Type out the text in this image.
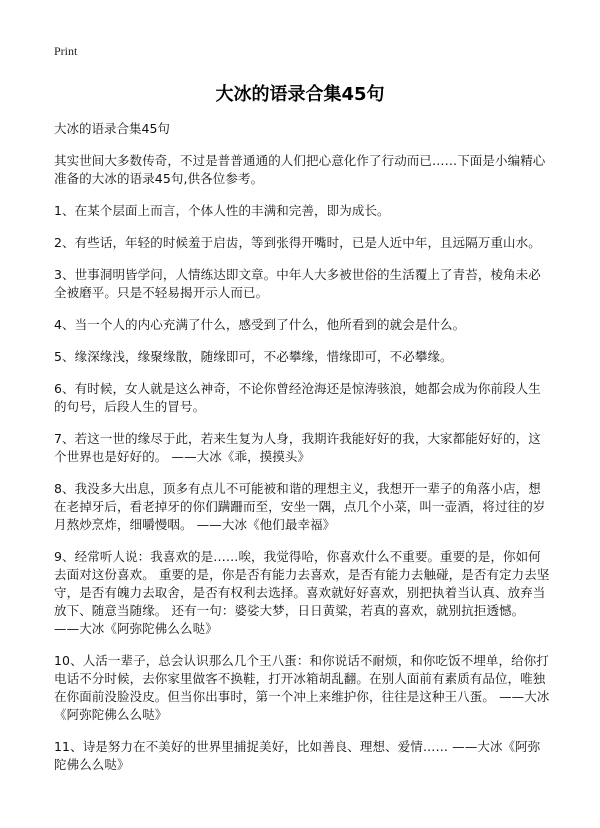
Print
大冰的语录合集45句

大冰的语录合集45句

其实世间大多数传奇，不过是普普通通的人们把心意化作了行动而已……下面是小编精心准备的大冰的语录45句,供各位参考。

1、在某个层面上而言，个体人性的丰满和完善，即为成长。

2、有些话，年轻的时候羞于启齿，等到张得开嘴时，已是人近中年，且远隔万重山水。

3、世事洞明皆学问，人情练达即文章。中年人大多被世俗的生活覆上了青苔，棱角未必全被磨平。只是不轻易揭开示人而已。

4、当一个人的内心充满了什么，感受到了什么，他所看到的就会是什么。

5、缘深缘浅，缘聚缘散，随缘即可，不必攀缘，惜缘即可，不必攀缘。

6、有时候，女人就是这么神奇，不论你曾经沧海还是惊涛骇浪，她都会成为你前段人生的句号，后段人生的冒号。

7、若这一世的缘尽于此，若来生复为人身，我期许我能好好的我，大家都能好好的，这个世界也是好好的。 ——大冰《乖，摸摸头》

8、我没多大出息，顶多有点儿不可能被和谐的理想主义，我想开一辈子的角落小店，想在老掉牙后，看老掉牙的你们蹒跚而至，安坐一隅，点几个小菜，叫一壶酒，将过往的岁月熬炒烹炸，细嚼慢咽。 ——大冰《他们最幸福》

9、经常听人说：我喜欢的是……唉，我觉得哈，你喜欢什么不重要。重要的是，你如何去面对这份喜欢。 重要的是，你是否有能力去喜欢，是否有能力去触碰，是否有定力去坚守，是否有魄力去取舍，是否有权利去选择。喜欢就好好喜欢，别把执着当认真、放弃当放下、随意当随缘。 还有一句：婆娑大梦，日日黄粱，若真的喜欢，就别抗拒透憾。 ——大冰《阿弥陀佛么么哒》

10、人活一辈子，总会认识那么几个王八蛋：和你说话不耐烦，和你吃饭不埋单，给你打电话不分时候，去你家里做客不换鞋，打开冰箱胡乱翻。在别人面前有素质有品位，唯独在你面前没脸没皮。但当你出事时，第一个冲上来维护你，往往是这种王八蛋。 ——大冰《阿弥陀佛么么哒》

11、诗是努力在不美好的世界里捕捉美好，比如善良、理想、爱情…… ——大冰《阿弥陀佛么么哒》
